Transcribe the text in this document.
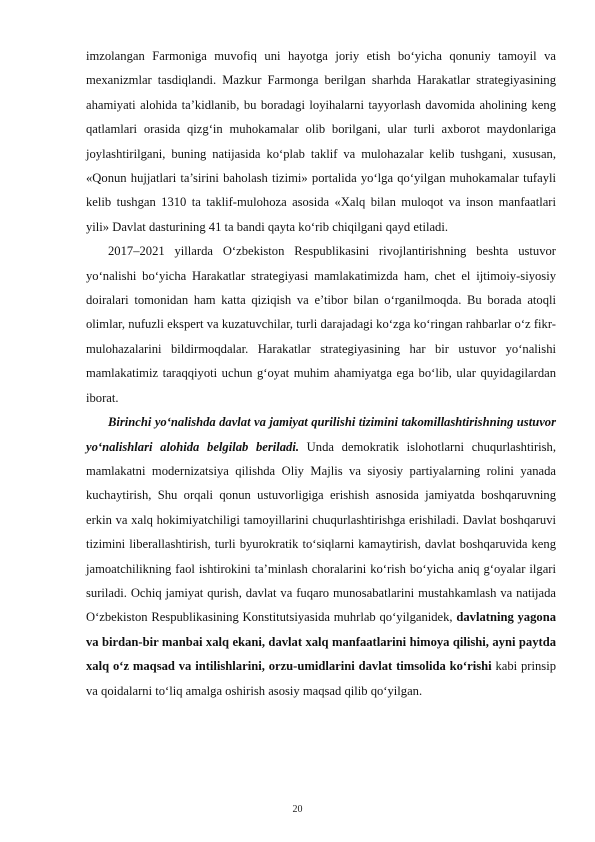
imzolangan Farmoniga muvofiq uni hayotga joriy etish bo‘yicha qonuniy tamoyil va mexanizmlar tasdiqlandi. Mazkur Farmonga berilgan sharhda Harakatlar strategiyasining ahamiyati alohida ta’kidlanib, bu boradagi loyihalarni tayyorlash davomida aholining keng qatlamlari orasida qizg‘in muhokamalar olib borilgani, ular turli axborot maydonlariga joylashtirilgani, buning natijasida ko‘plab taklif va mulohazalar kelib tushgani, xususan, «Qonun hujjatlari ta’sirini baholash tizimi» portalida yo‘lga qo‘yilgan muhokamalar tufayli kelib tushgan 1310 ta taklif-mulohoza asosida «Xalq bilan muloqot va inson manfaatlari yili» Davlat dasturining 41 ta bandi qayta ko‘rib chiqilgani qayd etiladi.

2017–2021 yillarda O‘zbekiston Respublikasini rivojlantirishning beshta ustuvor yo‘nalishi bo‘yicha Harakatlar strategiyasi mamlakatimizda ham, chet el ijtimoiy-siyosiy doiralari tomonidan ham katta qiziqish va e’tibor bilan o‘rganilmoqda. Bu borada atoqli olimlar, nufuzli ekspert va kuzatuvchilar, turli darajadagi ko‘zga ko‘ringan rahbarlar o‘z fikr-mulohazalarini bildirmoqdalar. Harakatlar strategiyasining har bir ustuvor yo‘nalishi mamlakatimiz taraqqiyoti uchun g‘oyat muhim ahamiyatga ega bo‘lib, ular quyidagilardan iborat.

Birinchi yo‘nalishda davlat va jamiyat qurilishi tizimini takomillashtirishning ustuvor yo‘nalishlari alohida belgilab beriladi. Unda demokratik islohotlarni chuqurlashtirish, mamlakatni modernizatsiya qilishda Oliy Majlis va siyosiy partiyalarning rolini yanada kuchaytirish, Shu orqali qonun ustuvorligiga erishish asnosida jamiyatda boshqaruvning erkin va xalq hokimiyatchiligi tamoyillarini chuqurlashtirishga erishiladi. Davlat boshqaruvi tizimini liberallashtirish, turli byurokratik to‘siqlarni kamaytirish, davlat boshqaruvida keng jamoatchilikning faol ishtirokini ta’minlash choralarini ko‘rish bo‘yicha aniq g‘oyalar ilgari suriladi. Ochiq jamiyat qurish, davlat va fuqaro munosabatlarini mustahkamlash va natijada O‘zbekiston Respublikasining Konstitutsiyasida muhrlab qo‘yilganidek, davlatning yagona va birdan-bir manbai xalq ekani, davlat xalq manfaatlarini himoya qilishi, ayni paytda xalq o‘z maqsad va intilishlarini, orzu-umidlarini davlat timsolida ko‘rishi kabi prinsip va qoidalarni to‘liq amalga oshirish asosiy maqsad qilib qo‘yilgan.

20
